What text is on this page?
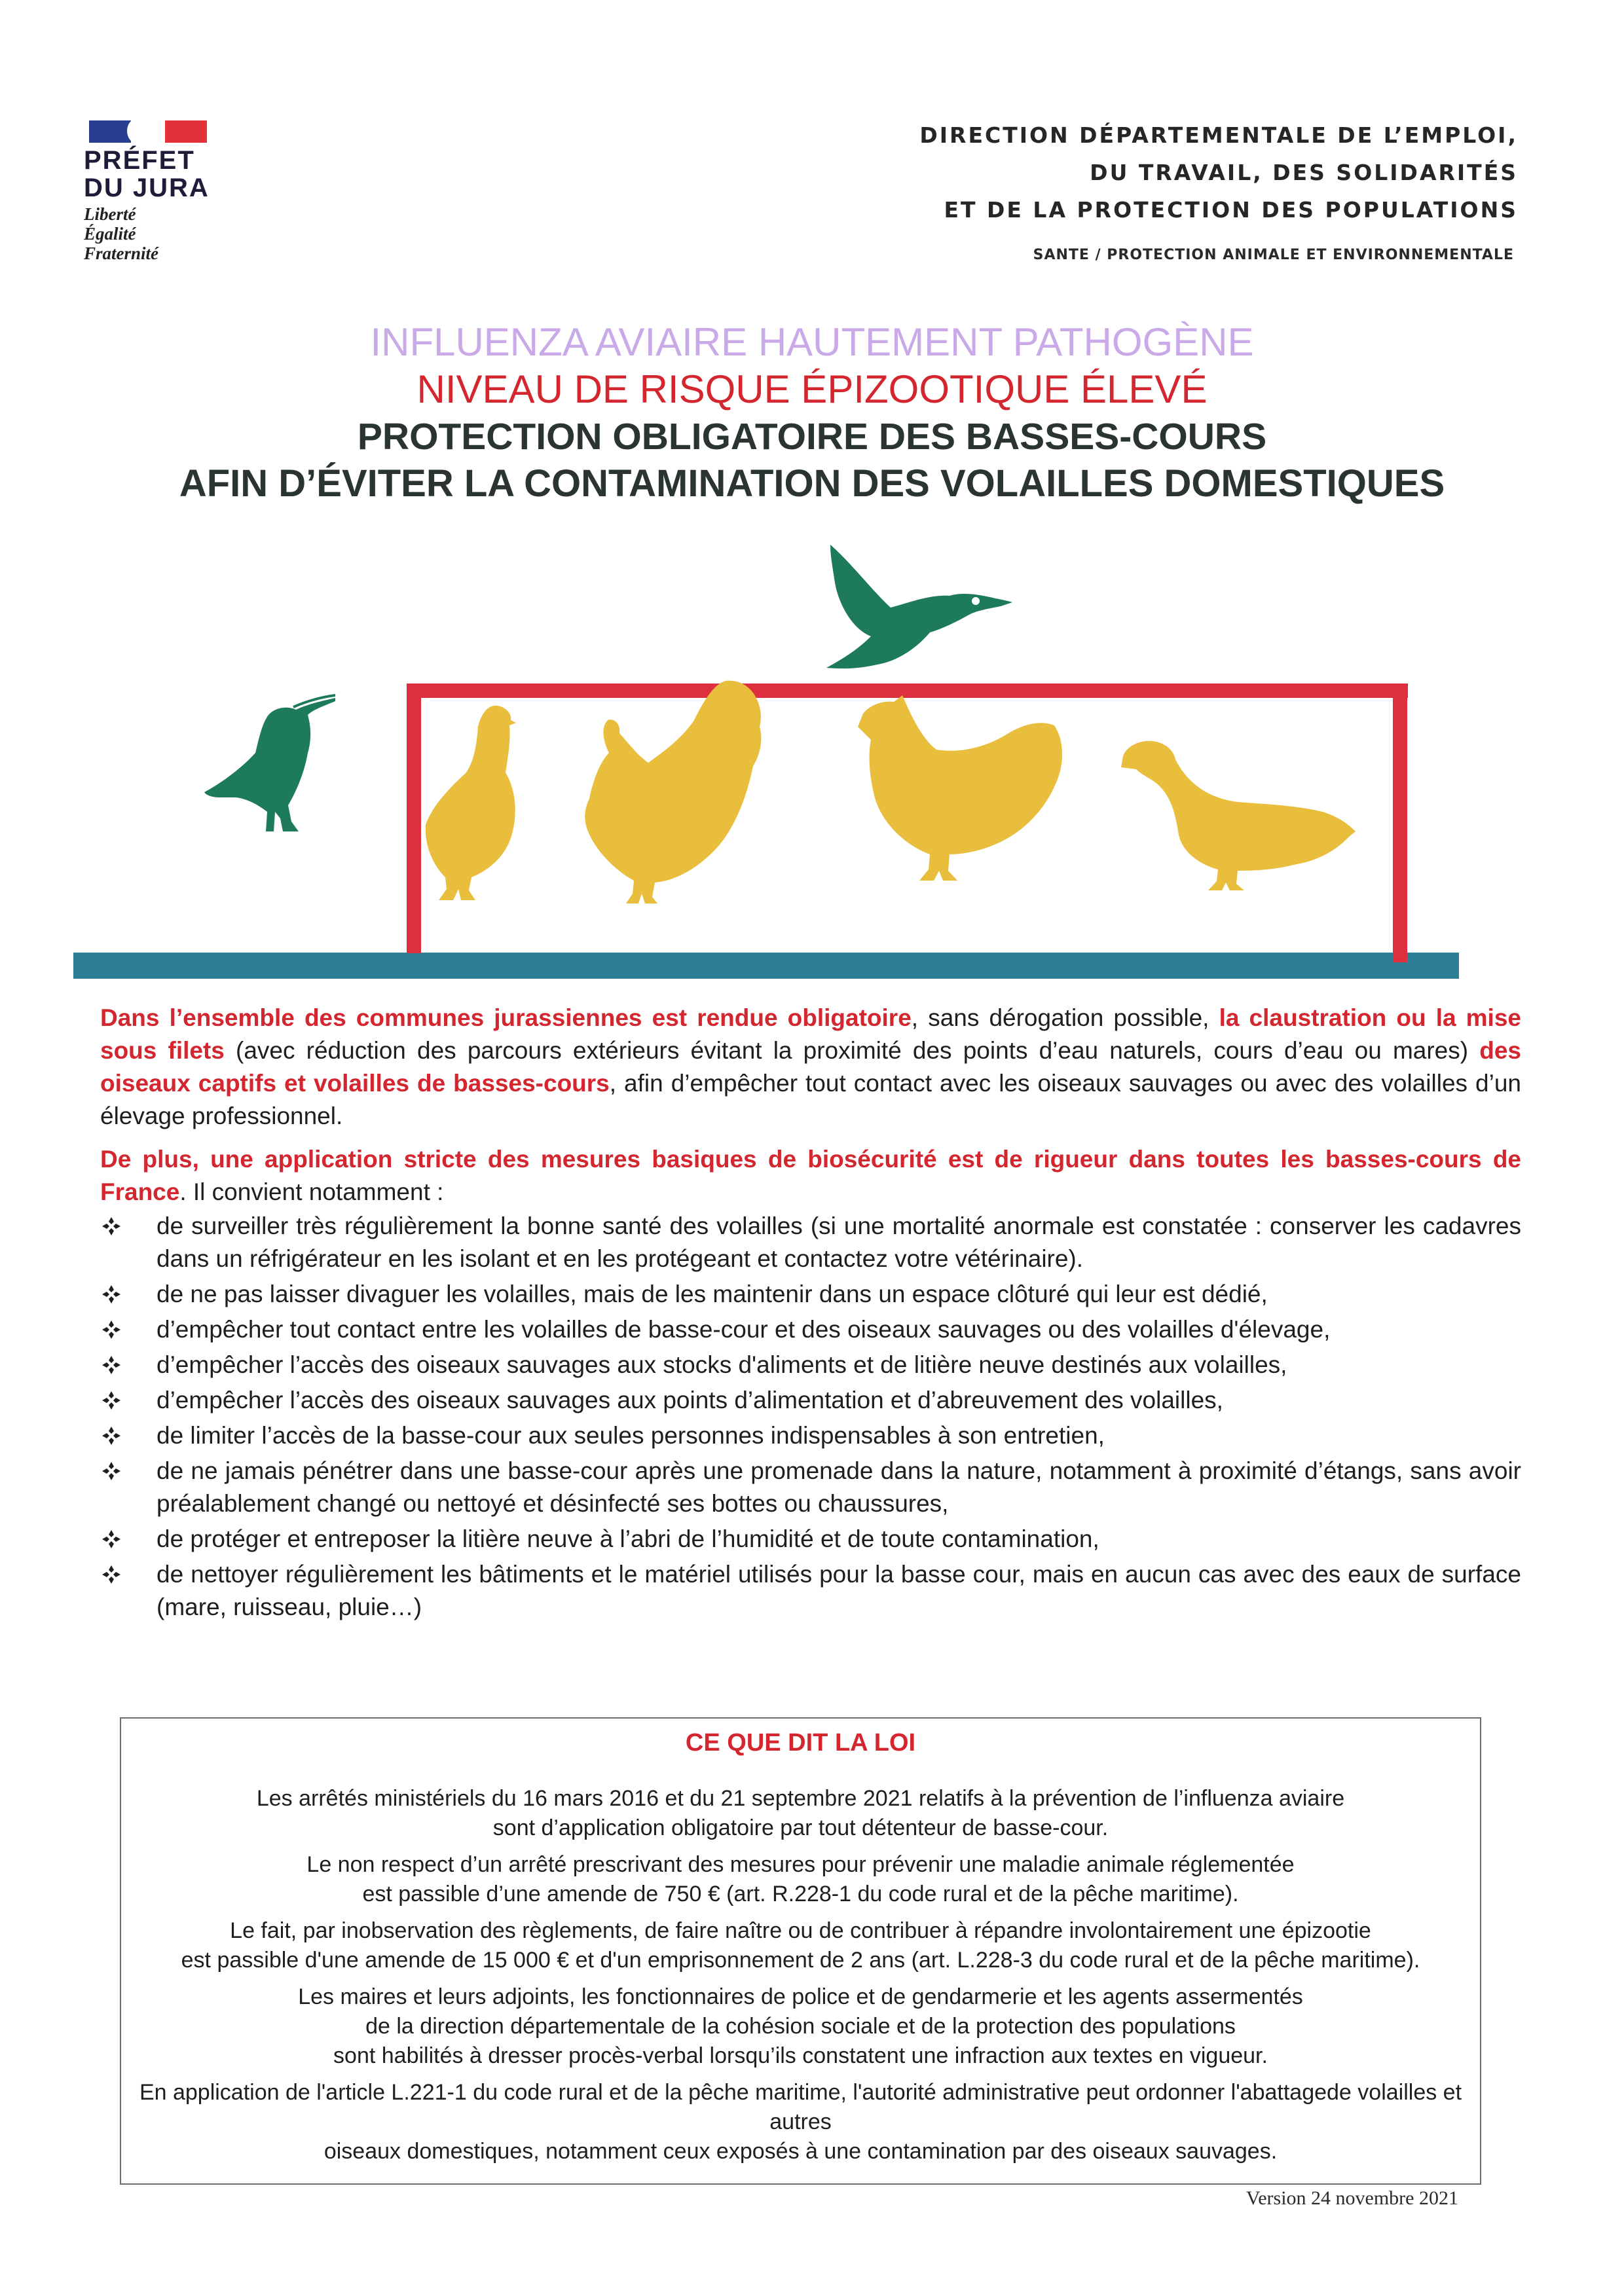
PRÉFET
DU JURA
Liberté
Égalité
Fraternité
DIRECTION DÉPARTEMENTALE DE L’EMPLOI,
DU TRAVAIL, DES SOLIDARITÉS
ET DE LA PROTECTION DES POPULATIONS
SANTE / PROTECTION ANIMALE ET ENVIRONNEMENTALE
INFLUENZA AVIAIRE HAUTEMENT PATHOGÈNE
NIVEAU DE RISQUE ÉPIZOOTIQUE ÉLEVÉ
PROTECTION OBLIGATOIRE DES BASSES-COURS
AFIN D’ÉVITER LA CONTAMINATION DES VOLAILLES DOMESTIQUES

Dans l’ensemble des communes jurassiennes est rendue obligatoire, sans dérogation possible, la claustration ou la mise sous filets (avec réduction des parcours extérieurs évitant la proximité des points d’eau naturels, cours d’eau ou mares) des oiseaux captifs et volailles de basses-cours, afin d’empêcher tout contact avec les oiseaux sauvages ou avec des volailles d’un élevage professionnel.

De plus, une application stricte des mesures basiques de biosécurité est de rigueur dans toutes les basses-cours de France. Il convient notamment :

de surveiller très régulièrement la bonne santé des volailles (si une mortalité anormale est constatée : conserver les cadavres dans un réfrigérateur en les isolant et en les protégeant et contactez votre vétérinaire).
de ne pas laisser divaguer les volailles, mais de les maintenir dans un espace clôturé qui leur est dédié,
d’empêcher tout contact entre les volailles de basse-cour et des oiseaux sauvages ou des volailles d'élevage,
d’empêcher l’accès des oiseaux sauvages aux stocks d'aliments et de litière neuve destinés aux volailles,
d’empêcher l’accès des oiseaux sauvages aux points d’alimentation et d’abreuvement des volailles,
de limiter l’accès de la basse-cour aux seules personnes indispensables à son entretien,
de ne jamais pénétrer dans une basse-cour après une promenade dans la nature, notamment à proximité d’étangs, sans avoir préalablement changé ou nettoyé et désinfecté ses bottes ou chaussures,
de protéger et entreposer la litière neuve à l’abri de l’humidité et de toute contamination,
de nettoyer régulièrement les bâtiments et le matériel utilisés pour la basse cour, mais en aucun cas avec des eaux de surface (mare, ruisseau, pluie…)
CE QUE DIT LA LOI
Les arrêtés ministériels du 16 mars 2016 et du 21 septembre 2021 relatifs à la prévention de l’influenza aviaire
sont d’application obligatoire par tout détenteur de basse-cour.
Le non respect d’un arrêté prescrivant des mesures pour prévenir une maladie animale réglementée
est passible d’une amende de 750 € (art. R.228-1 du code rural et de la pêche maritime).
Le fait, par inobservation des règlements, de faire naître ou de contribuer à répandre involontairement une épizootie
est passible d'une amende de 15 000 € et d'un emprisonnement de 2 ans (art. L.228-3 du code rural et de la pêche maritime).
Les maires et leurs adjoints, les fonctionnaires de police et de gendarmerie et les agents assermentés
de la direction départementale de la cohésion sociale et de la protection des populations
sont habilités à dresser procès-verbal lorsqu’ils constatent une infraction aux textes en vigueur.
En application de l'article L.221-1 du code rural et de la pêche maritime, l'autorité administrative peut ordonner l'abattagede volailles et autres
oiseaux domestiques, notamment ceux exposés à une contamination par des oiseaux sauvages.
Version 24 novembre 2021
